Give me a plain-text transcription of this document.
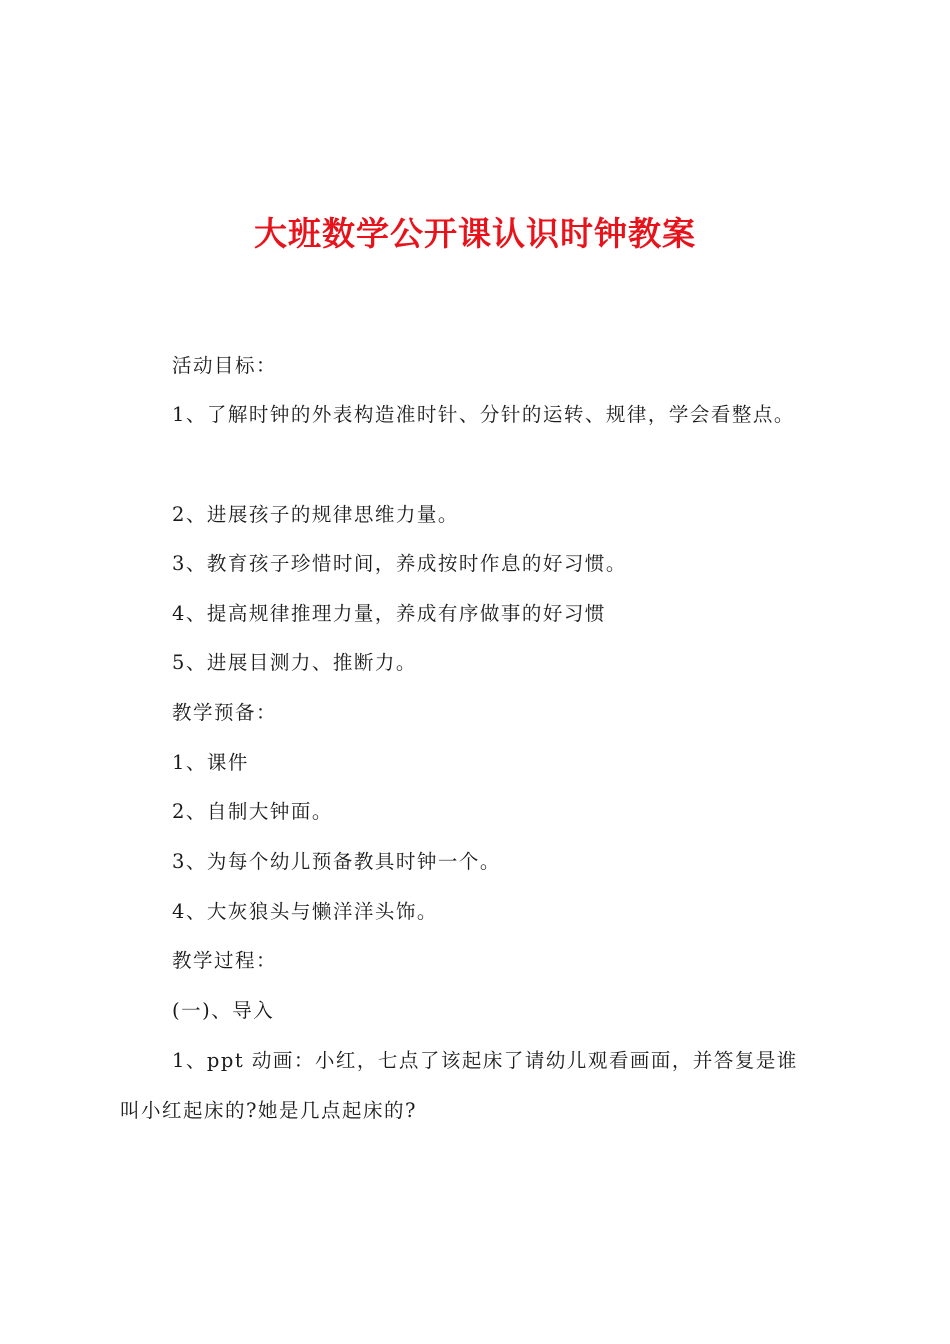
大班数学公开课认识时钟教案

活动目标：

1、了解时钟的外表构造准时针、分针的运转、规律，学会看整点。

2、进展孩子的规律思维力量。

3、教育孩子珍惜时间，养成按时作息的好习惯。

4、提高规律推理力量，养成有序做事的好习惯

5、进展目测力、推断力。

教学预备：

1、课件

2、自制大钟面。

3、为每个幼儿预备教具时钟一个。

4、大灰狼头与懒洋洋头饰。

教学过程：

(一)、导入

1、ppt 动画：小红，七点了该起床了请幼儿观看画面，并答复是谁

叫小红起床的?她是几点起床的?
